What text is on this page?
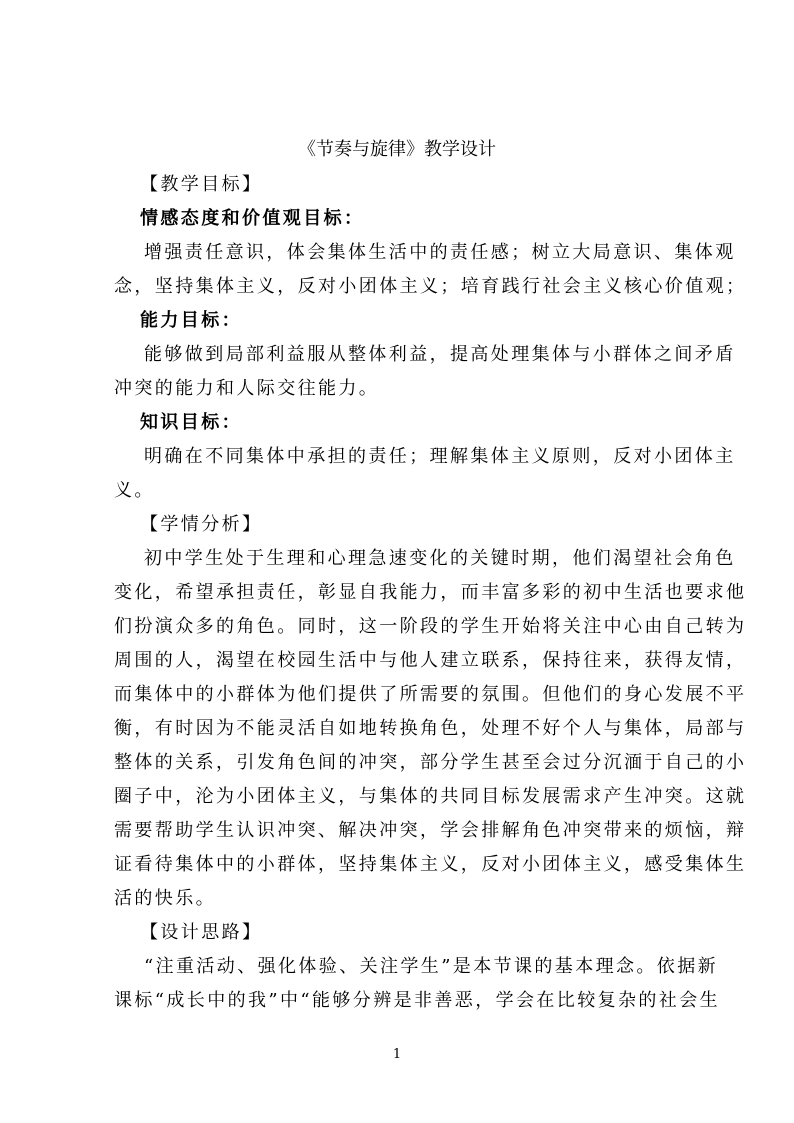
《节奏与旋律》教学设计
【教学目标】
情感态度和价值观目标：
增强责任意识，体会集体生活中的责任感；树立大局意识、集体观
念，坚持集体主义，反对小团体主义；培育践行社会主义核心价值观；
能力目标：
能够做到局部利益服从整体利益，提高处理集体与小群体之间矛盾
冲突的能力和人际交往能力。
知识目标：
明确在不同集体中承担的责任；理解集体主义原则，反对小团体主
义。
【学情分析】
初中学生处于生理和心理急速变化的关键时期，他们渴望社会角色
变化，希望承担责任，彰显自我能力，而丰富多彩的初中生活也要求他
们扮演众多的角色。同时，这一阶段的学生开始将关注中心由自己转为
周围的人，渴望在校园生活中与他人建立联系，保持往来，获得友情，
而集体中的小群体为他们提供了所需要的氛围。但他们的身心发展不平
衡，有时因为不能灵活自如地转换角色，处理不好个人与集体，局部与
整体的关系，引发角色间的冲突，部分学生甚至会过分沉湎于自己的小
圈子中，沦为小团体主义，与集体的共同目标发展需求产生冲突。这就
需要帮助学生认识冲突、解决冲突，学会排解角色冲突带来的烦恼，辩
证看待集体中的小群体，坚持集体主义，反对小团体主义，感受集体生
活的快乐。
【设计思路】
“注重活动、强化体验、关注学生”是本节课的基本理念。依据新
课标“成长中的我”中“能够分辨是非善恶，学会在比较复杂的社会生
1
